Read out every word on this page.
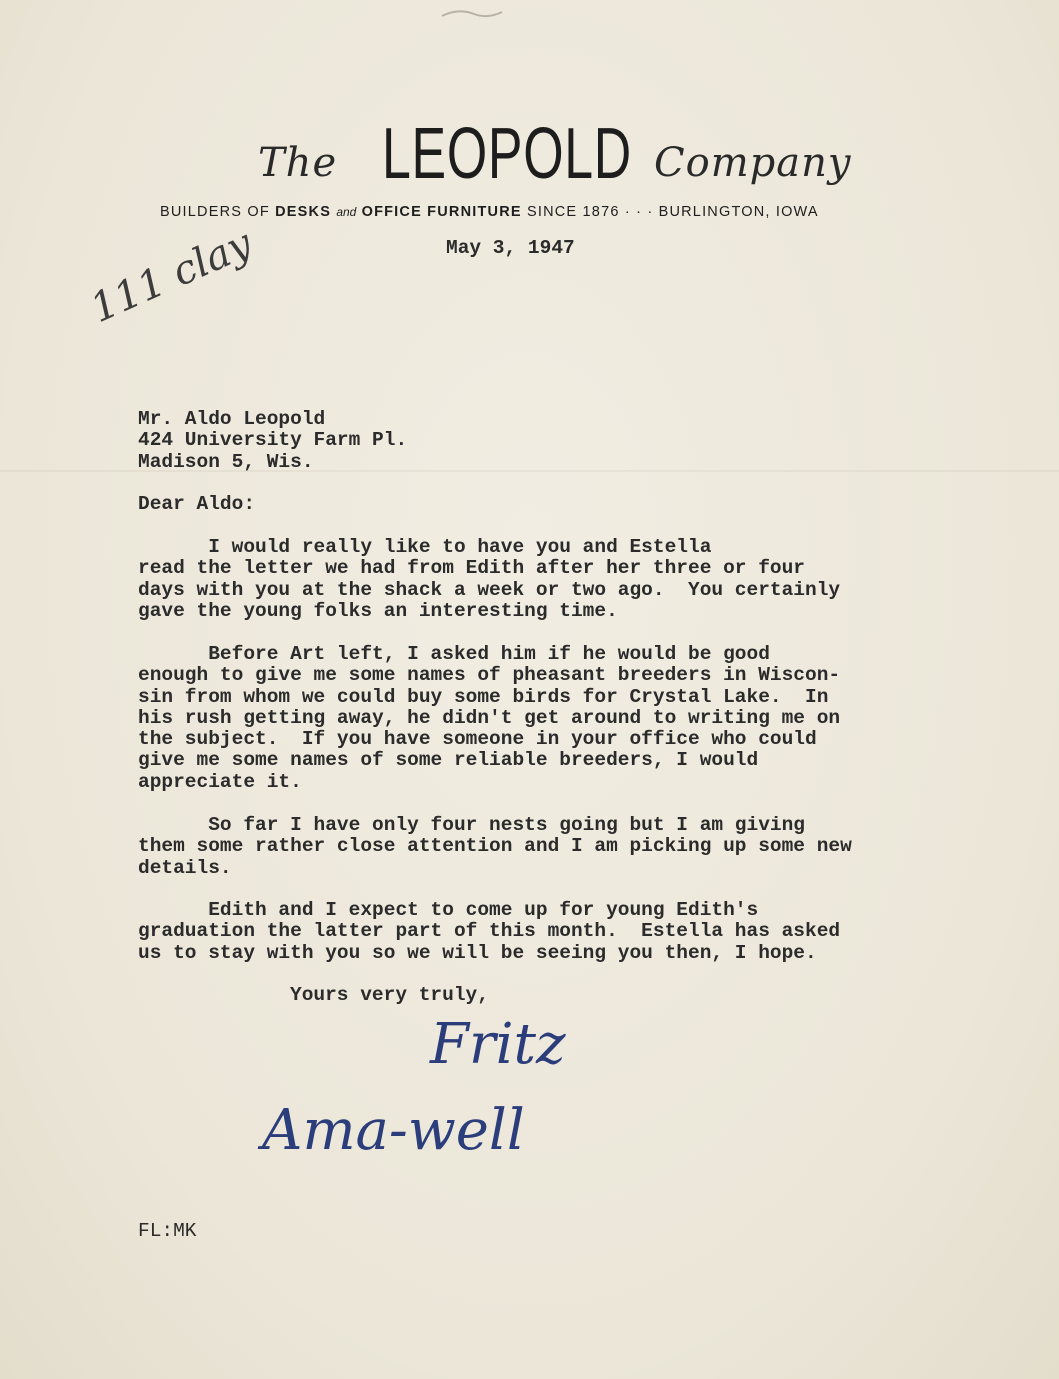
The LEOPOLD Company
BUILDERS OF DESKS and OFFICE FURNITURE SINCE 1876 · · · BURLINGTON, IOWA
May 3, 1947
111 clay
Mr. Aldo Leopold
424 University Farm Pl.
Madison 5, Wis.
Dear Aldo:
I would really like to have you and Estella
read the letter we had from Edith after her three or four
days with you at the shack a week or two ago.  You certainly
gave the young folks an interesting time.
Before Art left, I asked him if he would be good
enough to give me some names of pheasant breeders in Wiscon-
sin from whom we could buy some birds for Crystal Lake.  In
his rush getting away, he didn't get around to writing me on
the subject.  If you have someone in your office who could
give me some names of some reliable breeders, I would
appreciate it.
So far I have only four nests going but I am giving
them some rather close attention and I am picking up some new
details.
Edith and I expect to come up for young Edith's
graduation the latter part of this month.  Estella has asked
us to stay with you so we will be seeing you then, I hope.
Yours very truly,
Fritz
Ama-well
FL:MK
